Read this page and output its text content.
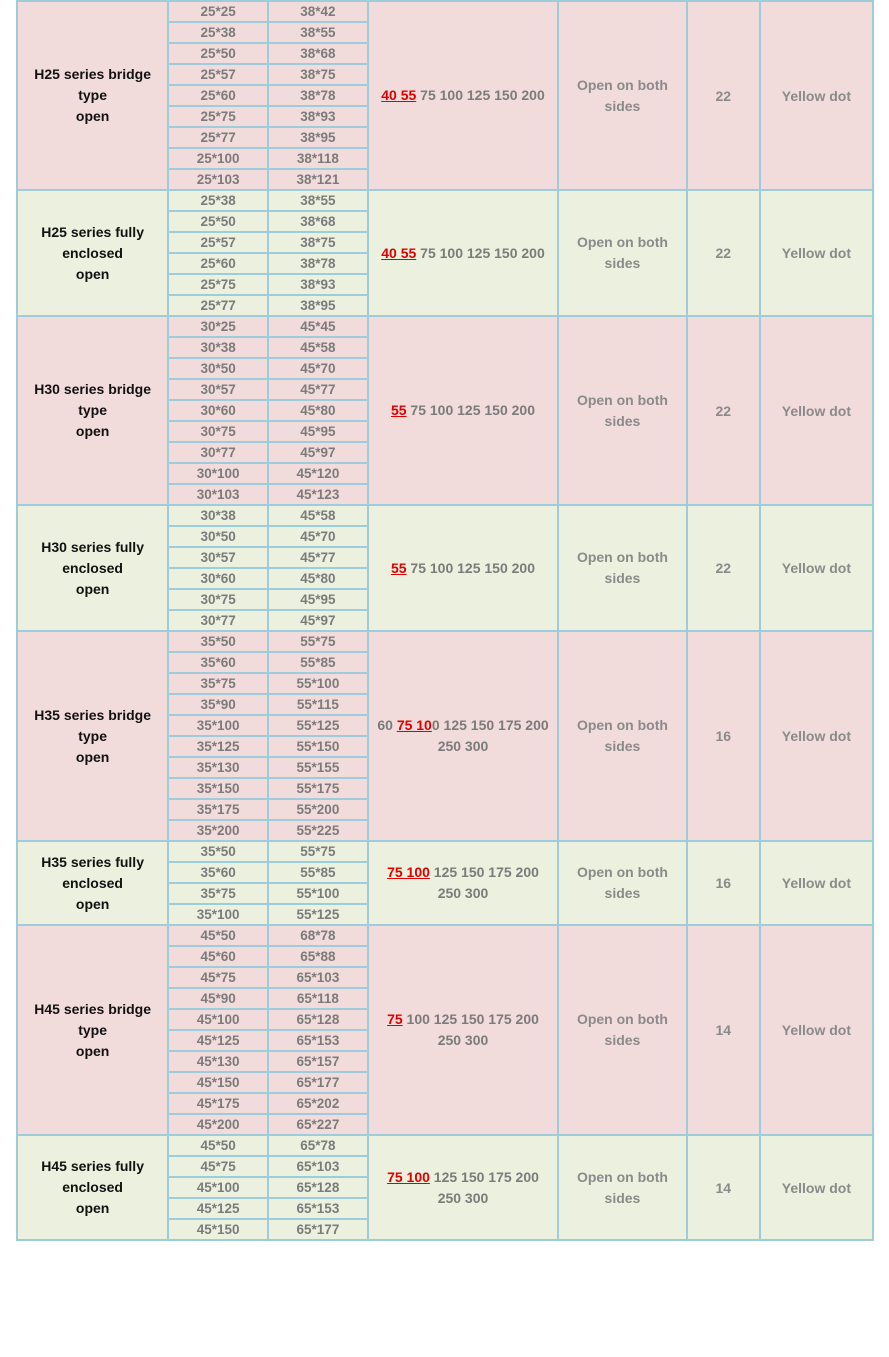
H25 series bridge
type
open	25*25	38*42	40 55 75 100 125 150 200	Open on both
sides	22	Yellow dot
	25*38	38*55				
	25*50	38*68				
	25*57	38*75				
	25*60	38*78				
	25*75	38*93				
	25*77	38*95				
	25*100	38*118				
	25*103	38*121				

H25 series fully
enclosed
open	25*38	38*55	40 55 75 100 125 150 200	Open on both
sides	22	Yellow dot
	25*50	38*68				
	25*57	38*75				
	25*60	38*78				
	25*75	38*93				
	25*77	38*95				

H30 series bridge
type
open	30*25	45*45	55 75 100 125 150 200	Open on both
sides	22	Yellow dot
	30*38	45*58				
	30*50	45*70				
	30*57	45*77				
	30*60	45*80				
	30*75	45*95				
	30*77	45*97				
	30*100	45*120				
	30*103	45*123				

H30 series fully
enclosed
open	30*38	45*58	55 75 100 125 150 200	Open on both
sides	22	Yellow dot
	30*50	45*70				
	30*57	45*77				
	30*60	45*80				
	30*75	45*95				
	30*77	45*97				

H35 series bridge
type
open	35*50	55*75	60 75 100 125 150 175 200
250 300	Open on both
sides	16	Yellow dot
	35*60	55*85				
	35*75	55*100				
	35*90	55*115				
	35*100	55*125				
	35*125	55*150				
	35*130	55*155				
	35*150	55*175				
	35*175	55*200				
	35*200	55*225				

H35 series fully
enclosed
open	35*50	55*75	75 100 125 150 175 200
250 300	Open on both
sides	16	Yellow dot
	35*60	55*85				
	35*75	55*100				
	35*100	55*125				

H45 series bridge
type
open	45*50	68*78	75 100 125 150 175 200
250 300	Open on both
sides	14	Yellow dot
	45*60	65*88				
	45*75	65*103				
	45*90	65*118				
	45*100	65*128				
	45*125	65*153				
	45*130	65*157				
	45*150	65*177				
	45*175	65*202				
	45*200	65*227				

H45 series fully
enclosed
open	45*50	65*78	75 100 125 150 175 200
250 300	Open on both
sides	14	Yellow dot
	45*75	65*103				
	45*100	65*128				
	45*125	65*153				
	45*150	65*177				
